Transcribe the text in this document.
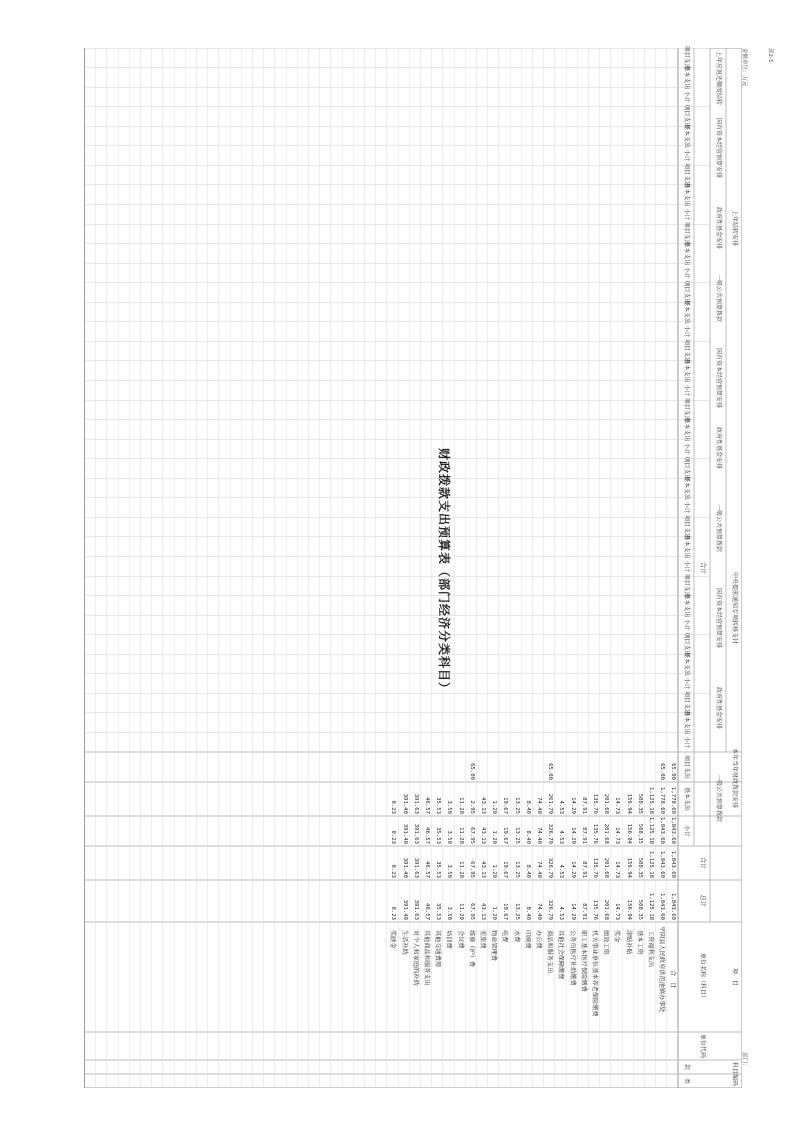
财政拨款支出预算表（部门经济分类科目）
部2-1
金额单位：万元
部门：
科目编码
类
款
单位代码
项　目
单位名称（科目）
总计
本年当年财政拨款安排
合计
一般公共预算拨款
小计
基本支出
项目支出
政府性基金安排
国有资本经营预算安排 中央提前通知专项转移支付
合计
一般公共预算拨款
政府性基金安排
国有资本经营预算安排
上年结转安排
一般公共预算拨款
政府性基金安排
国有资本经营预算安排
上年应返还额度结转
小计
基本支出
项目支出
小计
基本支出
项目支出
小计
基本支出
项目支出
小计
基本支出
项目支出
小计
基本支出
项目支出
小计
基本支出
项目支出
小计
基本支出
项目支出
小计
基本支出
项目支出
小计
基本支出
项目支出
小计
基本支出
项目支出
小计
基本支出
项目支出
小计
基本支出
项目支出
合　计
1,843.60
1,843.60
1,843.60
1,778.60
65.00
平阴县人民政府洪范池镇办事处
1,843.60
1,843.60
1,843.60
1,778.60
65.00
工资福利支出
1,125.18
1,125.18
1,125.18
1,125.18
基本工资
508.35
508.35
508.35
508.35
津贴补贴
156.94
156.94
156.94
156.94
奖金
14.73
14.73
14.73
14.73
绩效工资
201.68
201.68
201.68
201.68
机关事业单位基本养老保险缴费
135.76
135.76
135.76
135.76
职工基本医疗保险缴费
87.91
87.91
87.91
87.91
公务员医疗补助缴费
14.29
14.29
14.29
14.29
其他社会保障缴费
4.53
4.53
4.53
4.53
商品和服务支出
326.79
326.79
326.79
261.79
65.00
办公费
74.40
74.40
74.40
74.40
印刷费
8.40
8.40
8.40
8.40
水费
13.25
13.25
13.25
13.25
电费
19.67
19.67
19.67
19.67
物业管理费
1.20
1.20
1.20
1.20
差旅费
43.13
43.13
43.13
43.13
维修（护）费
67.95
67.95
67.95
2.95
65.00
会议费
11.20
11.20
11.20
11.20
培训费
3.50
3.50
3.50
3.50
其他交通费用
35.53
35.53
35.53
35.53
其他商品和服务支出
46.57
46.57
46.57
46.57
对个人和家庭的补助
391.63
391.63
391.63
391.63
生活补助
391.40
391.40
391.40
391.40
奖励金
0.23
0.23
0.23
0.23
